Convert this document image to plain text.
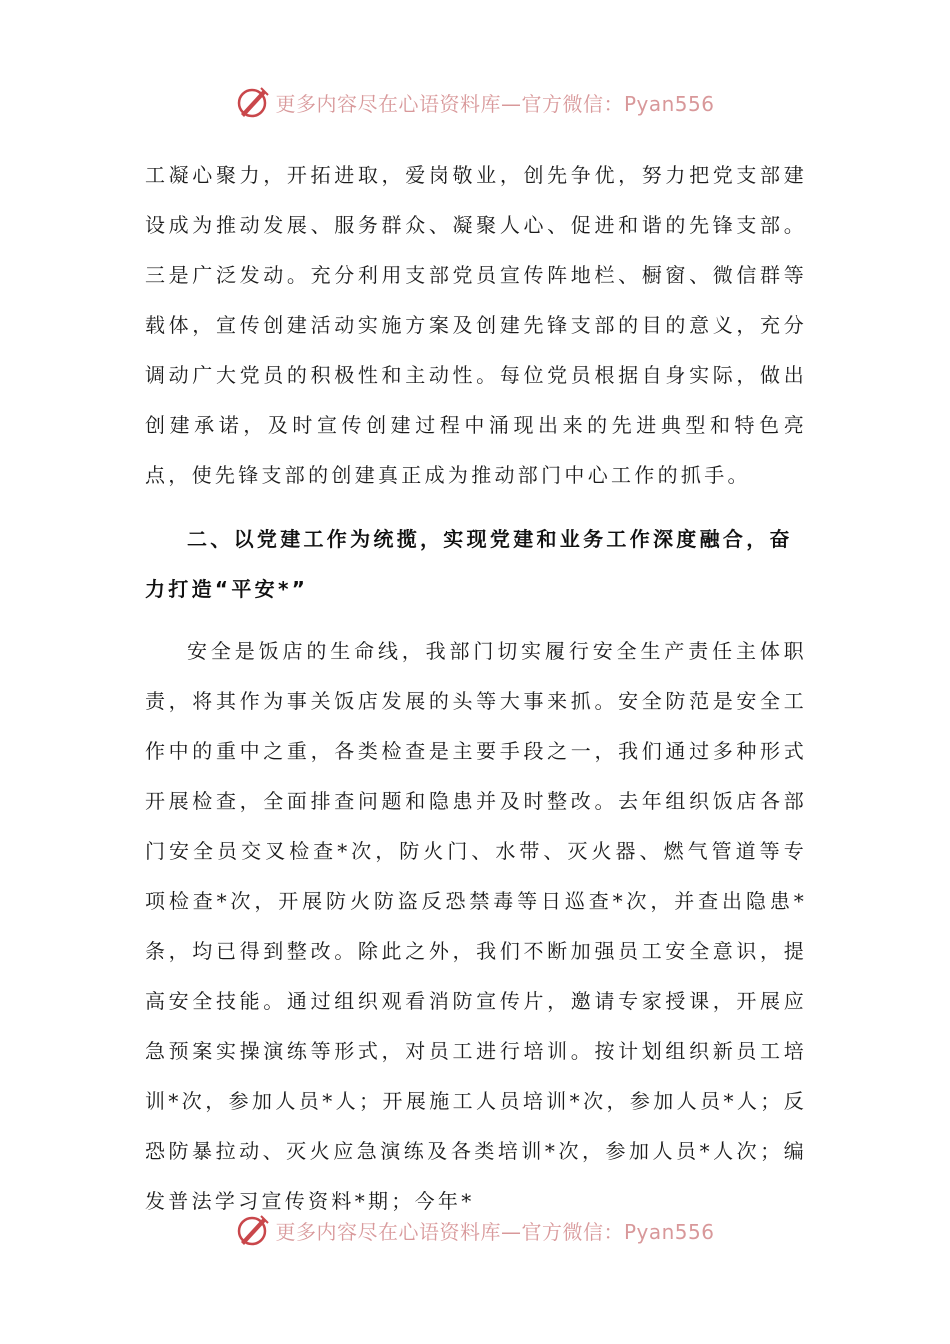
更多内容尽在心语资料库—官方微信：Pyan556

工凝心聚力，开拓进取，爱岗敬业，创先争优，努力把党支部建设成为推动发展、服务群众、凝聚人心、促进和谐的先锋支部。三是广泛发动。充分利用支部党员宣传阵地栏、橱窗、微信群等载体，宣传创建活动实施方案及创建先锋支部的目的意义，充分调动广大党员的积极性和主动性。每位党员根据自身实际，做出创建承诺，及时宣传创建过程中涌现出来的先进典型和特色亮点，使先锋支部的创建真正成为推动部门中心工作的抓手。

二、以党建工作为统揽，实现党建和业务工作深度融合，奋力打造“平安*”

安全是饭店的生命线，我部门切实履行安全生产责任主体职责，将其作为事关饭店发展的头等大事来抓。安全防范是安全工作中的重中之重，各类检查是主要手段之一，我们通过多种形式开展检查，全面排查问题和隐患并及时整改。去年组织饭店各部门安全员交叉检查*次，防火门、水带、灭火器、燃气管道等专项检查*次，开展防火防盗反恐禁毒等日巡查*次，并查出隐患*条，均已得到整改。除此之外，我们不断加强员工安全意识，提高安全技能。通过组织观看消防宣传片，邀请专家授课，开展应急预案实操演练等形式，对员工进行培训。按计划组织新员工培训*次，参加人员*人；开展施工人员培训*次，参加人员*人；反恐防暴拉动、灭火应急演练及各类培训*次，参加人员*人次；编发普法学习宣传资料*期；今年*

更多内容尽在心语资料库—官方微信：Pyan556
